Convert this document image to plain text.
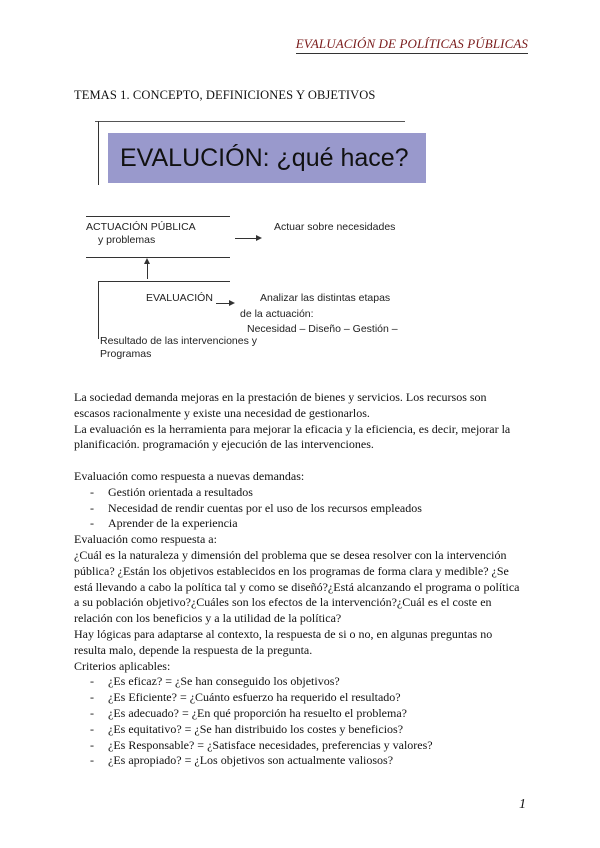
EVALUACIÓN DE POLÍTICAS PÚBLICAS
TEMAS 1. CONCEPTO, DEFINICIONES Y OBJETIVOS
EVALUCIÓN: ¿qué hace?
ACTUACIÓN PÚBLICA
y problemas
Actuar sobre necesidades
EVALUACIÓN	Analizar las distintas etapas
de la actuación:
Necesidad – Diseño – Gestión –
Resultado de las intervenciones y
Programas

La sociedad demanda mejoras en la prestación de bienes y servicios. Los recursos son

escasos racionalmente y existe una necesidad de gestionarlos.

La evaluación es la herramienta para mejorar la eficacia y la eficiencia, es decir, mejorar la

planificación. programación y ejecución de las intervenciones.

Evaluación como respuesta a nuevas demandas:

- Gestión orientada a resultados
- Necesidad de rendir cuentas por el uso de los recursos empleados
- Aprender de la experiencia

Evaluación como respuesta a:

¿Cuál es la naturaleza y dimensión del problema que se desea resolver con la intervención

pública? ¿Están los objetivos establecidos en los programas de forma clara y medible? ¿Se

está llevando a cabo la política tal y como se diseñó?¿Está alcanzando el programa o política

a su población objetivo?¿Cuáles son los efectos de la intervención?¿Cuál es el coste en

relación con los beneficios y a la utilidad de la política?

Hay lógicas para adaptarse al contexto, la respuesta de si o no, en algunas preguntas no

resulta malo, depende la respuesta de la pregunta.

Criterios aplicables:

- ¿Es eficaz? = ¿Se han conseguido los objetivos?
- ¿Es Eficiente? = ¿Cuánto esfuerzo ha requerido el resultado?
- ¿Es adecuado? = ¿En qué proporción ha resuelto el problema?
- ¿Es equitativo? = ¿Se han distribuido los costes y beneficios?
- ¿Es Responsable? = ¿Satisface necesidades, preferencias y valores?
- ¿Es apropiado? = ¿Los objetivos son actualmente valiosos?
1
